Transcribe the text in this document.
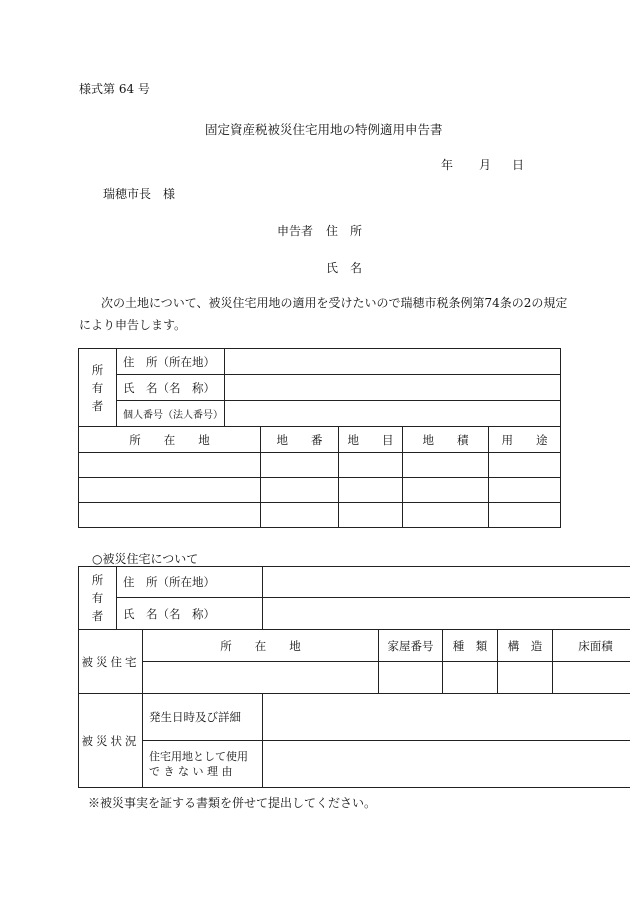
様式第 64 号
固定資産税被災住宅用地の特例適用申告書
年 月 日
瑞穂市長　様
申告者 住　所
氏　名
次の土地について、被災住宅用地の適用を受けたいので瑞穂市税条例第74条の2の規定
により申告します。
所
有
者	住　所（所在地）					
	氏　名（名　称）					
	個人番号（法人番号）					
所　　在　　地			地　　番	地　　目	地　　積	用　　途

○被災住宅について
所
有
者	住　所（所在地）						
	氏　名（名　称）						
被災住宅		所　　在　　地		家屋番号	種　類	構　造	床面積

被災状況		発生日時及び詳細					

		住宅用地として使用
で き な い 理 由					

※被災事実を証する書類を併せて提出してください。
